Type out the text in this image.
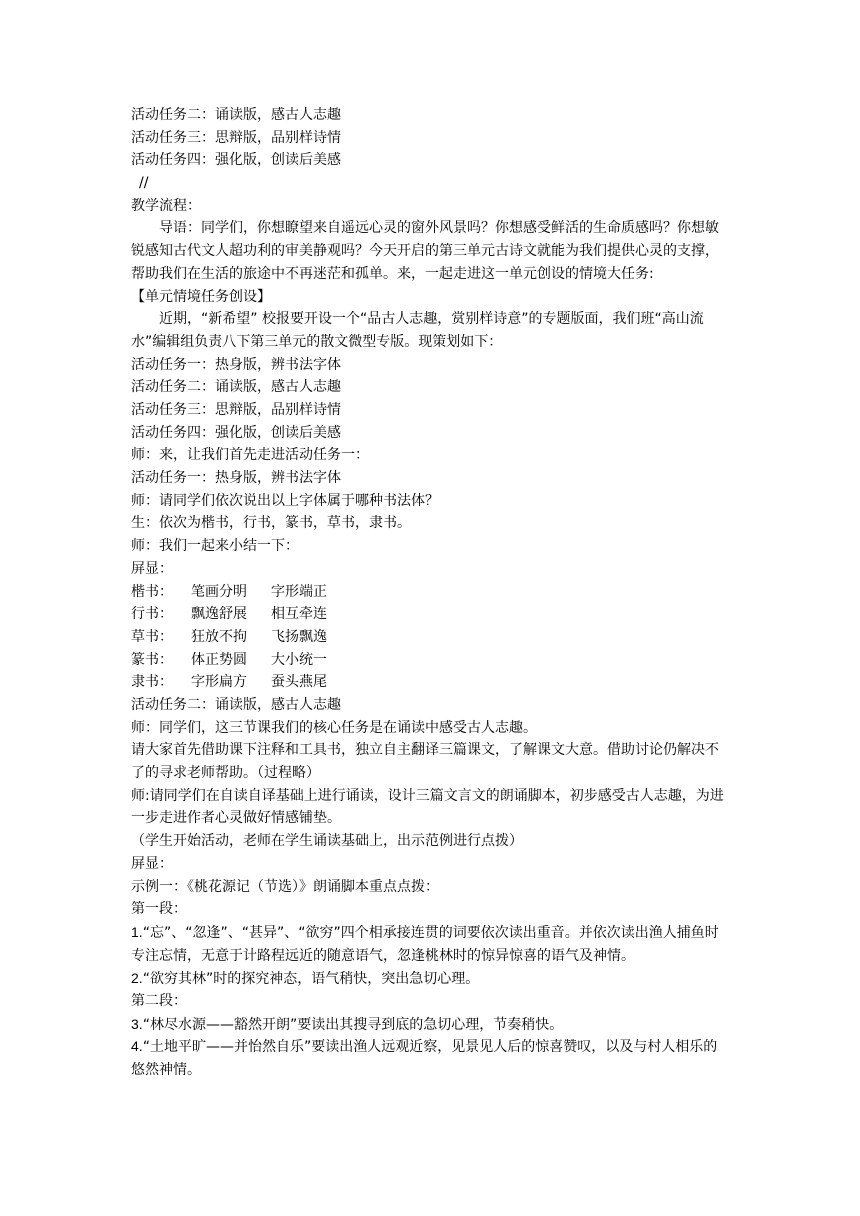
活动任务二：诵读版，感古人志趣
活动任务三：思辩版，品别样诗情
活动任务四：强化版，创读后美感
//
教学流程：
导语：同学们，你想瞭望来自遥远心灵的窗外风景吗？你想感受鲜活的生命质感吗？你想敏锐感知古代文人超功利的审美静观吗？今天开启的第三单元古诗文就能为我们提供心灵的支撑，帮助我们在生活的旅途中不再迷茫和孤单。来，一起走进这一单元创设的情境大任务:
【单元情境任务创设】
近期，“新希望” 校报要开设一个“品古人志趣，赏别样诗意”的专题版面，我们班“高山流水”编辑组负责八下第三单元的散文微型专版。现策划如下：
活动任务一：热身版，辨书法字体
活动任务二：诵读版，感古人志趣
活动任务三：思辩版，品别样诗情
活动任务四：强化版，创读后美感
师：来，让我们首先走进活动任务一：
活动任务一：热身版，辨书法字体
师：请同学们依次说出以上字体属于哪种书法体？
生：依次为楷书，行书，篆书，草书，隶书。
师：我们一起来小结一下：
屏显：
楷书： 笔画分明 字形端正
行书： 飘逸舒展 相互牵连
草书： 狂放不拘 飞扬飘逸
篆书： 体正势圆 大小统一
隶书： 字形扁方 蚕头燕尾
活动任务二：诵读版，感古人志趣
师：同学们，这三节课我们的核心任务是在诵读中感受古人志趣。
请大家首先借助课下注释和工具书，独立自主翻译三篇课文，了解课文大意。借助讨论仍解决不了的寻求老师帮助。（过程略）
师:请同学们在自读自译基础上进行诵读，设计三篇文言文的朗诵脚本，初步感受古人志趣，为进一步走进作者心灵做好情感铺垫。
（学生开始活动，老师在学生诵读基础上，出示范例进行点拨）
屏显：
示例一：《桃花源记（节选）》朗诵脚本重点点拨：
第一段：
1.“忘”、“忽逢”、“甚异”、“欲穷”四个相承接连贯的词要依次读出重音。并依次读出渔人捕鱼时专注忘情，无意于计路程远近的随意语气，忽逢桃林时的惊异惊喜的语气及神情。
2.“欲穷其林”时的探究神态，语气稍快，突出急切心理。
第二段：
3.“林尽水源——豁然开朗”要读出其搜寻到底的急切心理，节奏稍快。
4.“土地平旷——并怡然自乐”要读出渔人远观近察，见景见人后的惊喜赞叹，以及与村人相乐的悠然神情。
